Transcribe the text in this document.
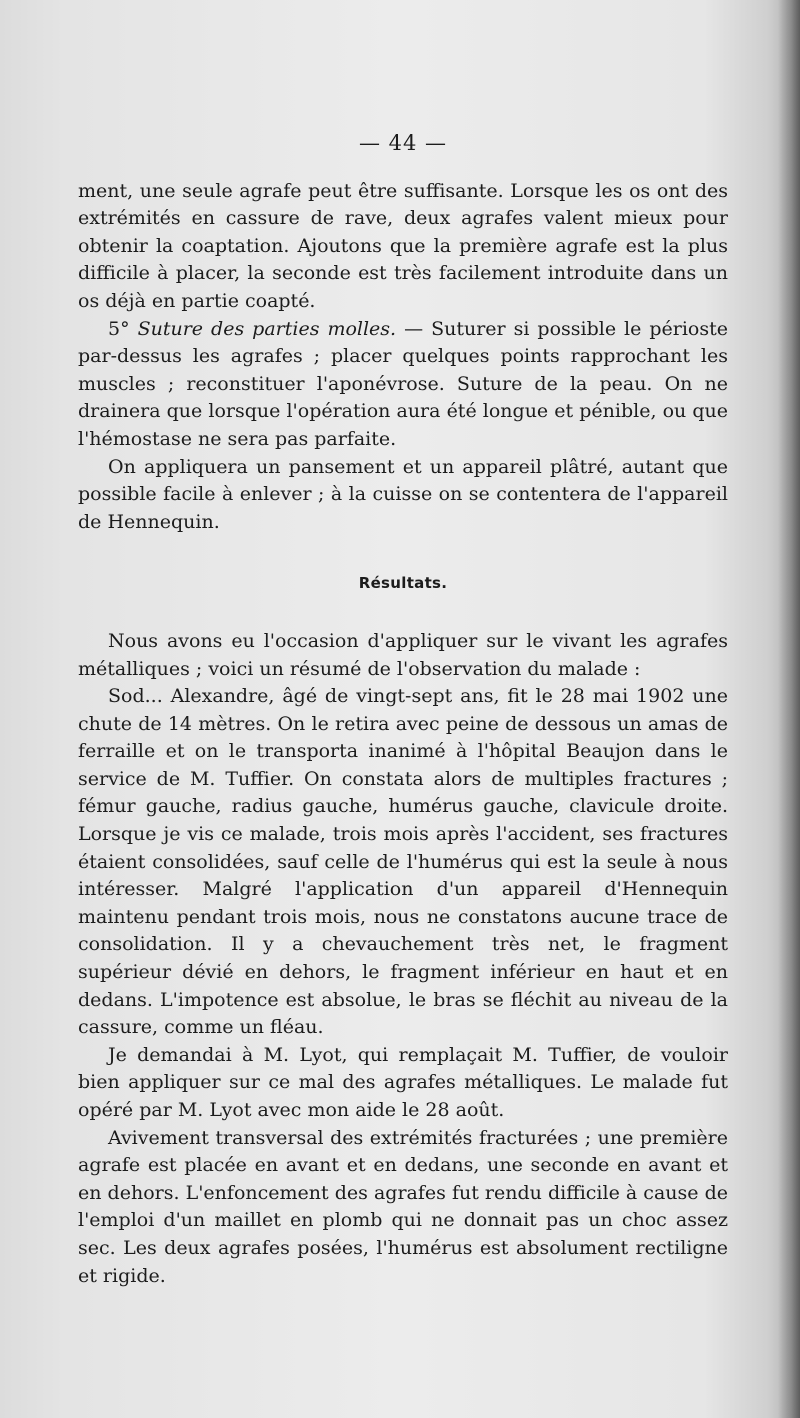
— 44 —

ment, une seule agrafe peut être suffisante. Lorsque les os ont des extrémités en cassure de rave, deux agrafes valent mieux pour obtenir la coaptation. Ajoutons que la première agrafe est la plus difficile à placer, la seconde est très facilement introduite dans un os déjà en partie coapté.

5° Suture des parties molles. — Suturer si possible le périoste par-dessus les agrafes ; placer quelques points rapprochant les muscles ; reconstituer l'aponévrose. Suture de la peau. On ne drainera que lorsque l'opération aura été longue et pénible, ou que l'hémostase ne sera pas parfaite.

On appliquera un pansement et un appareil plâtré, autant que possible facile à enlever ; à la cuisse on se contentera de l'appareil de Hennequin.

Résultats.

Nous avons eu l'occasion d'appliquer sur le vivant les agrafes métalliques ; voici un résumé de l'observation du malade :

Sod... Alexandre, âgé de vingt-sept ans, fit le 28 mai 1902 une chute de 14 mètres. On le retira avec peine de dessous un amas de ferraille et on le transporta inanimé à l'hôpital Beaujon dans le service de M. Tuffier. On constata alors de multiples fractures ; fémur gauche, radius gauche, humérus gauche, clavicule droite. Lorsque je vis ce malade, trois mois après l'accident, ses fractures étaient consolidées, sauf celle de l'humérus qui est la seule à nous intéresser. Malgré l'application d'un appareil d'Hennequin maintenu pendant trois mois, nous ne constatons aucune trace de consolidation. Il y a chevauchement très net, le fragment supérieur dévié en dehors, le fragment inférieur en haut et en dedans. L'impotence est absolue, le bras se fléchit au niveau de la cassure, comme un fléau.

Je demandai à M. Lyot, qui remplaçait M. Tuffier, de vouloir bien appliquer sur ce mal des agrafes métalliques. Le malade fut opéré par M. Lyot avec mon aide le 28 août.

Avivement transversal des extrémités fracturées ; une première agrafe est placée en avant et en dedans, une seconde en avant et en dehors. L'enfoncement des agrafes fut rendu difficile à cause de l'emploi d'un maillet en plomb qui ne donnait pas un choc assez sec. Les deux agrafes posées, l'humérus est absolument rectiligne et rigide.
